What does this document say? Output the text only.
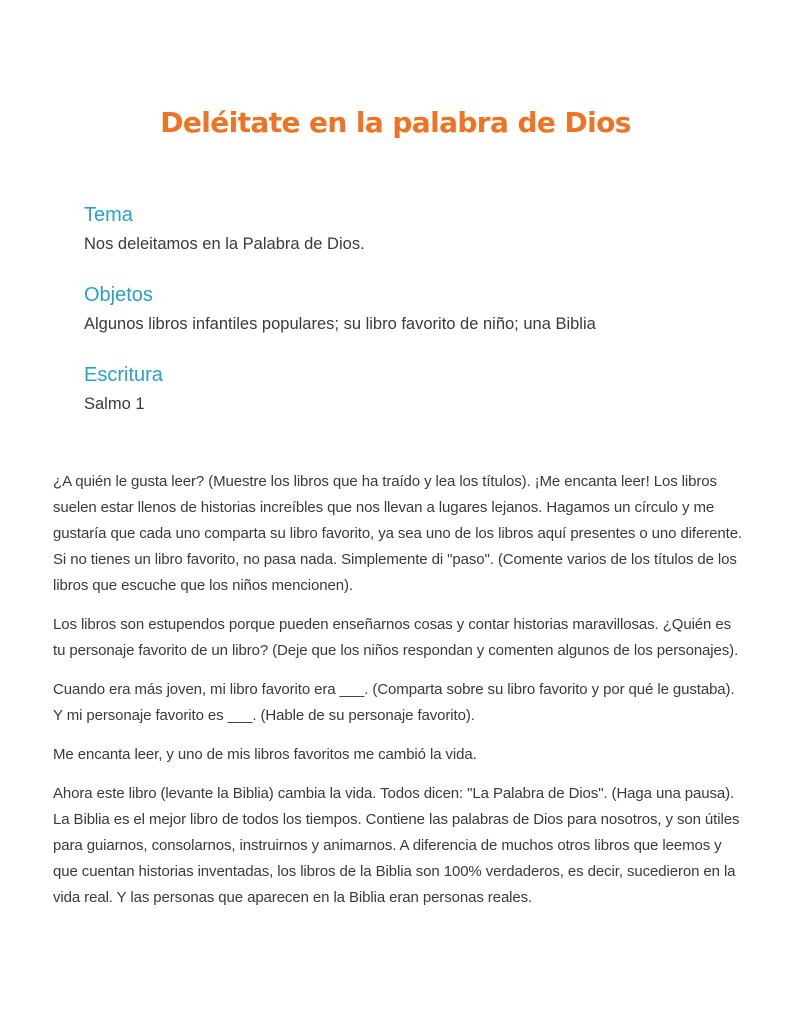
Deléitate en la palabra de Dios
Tema

Nos deleitamos en la Palabra de Dios.

Objetos

Algunos libros infantiles populares; su libro favorito de niño; una Biblia

Escritura

Salmo 1

¿A quién le gusta leer? (Muestre los libros que ha traído y lea los títulos). ¡Me encanta leer! Los libros suelen estar llenos de historias increíbles que nos llevan a lugares lejanos. Hagamos un círculo y me gustaría que cada uno comparta su libro favorito, ya sea uno de los libros aquí presentes o uno diferente. Si no tienes un libro favorito, no pasa nada. Simplemente di "paso". (Comente varios de los títulos de los libros que escuche que los niños mencionen).

Los libros son estupendos porque pueden enseñarnos cosas y contar historias maravillosas. ¿Quién es tu personaje favorito de un libro? (Deje que los niños respondan y comenten algunos de los personajes).

Cuando era más joven, mi libro favorito era ___. (Comparta sobre su libro favorito y por qué le gustaba). Y mi personaje favorito es ___. (Hable de su personaje favorito).

Me encanta leer, y uno de mis libros favoritos me cambió la vida.

Ahora este libro (levante la Biblia) cambia la vida. Todos dicen: "La Palabra de Dios". (Haga una pausa). La Biblia es el mejor libro de todos los tiempos. Contiene las palabras de Dios para nosotros, y son útiles para guiarnos, consolarnos, instruirnos y animarnos. A diferencia de muchos otros libros que leemos y que cuentan historias inventadas, los libros de la Biblia son 100% verdaderos, es decir, sucedieron en la vida real. Y las personas que aparecen en la Biblia eran personas reales.
